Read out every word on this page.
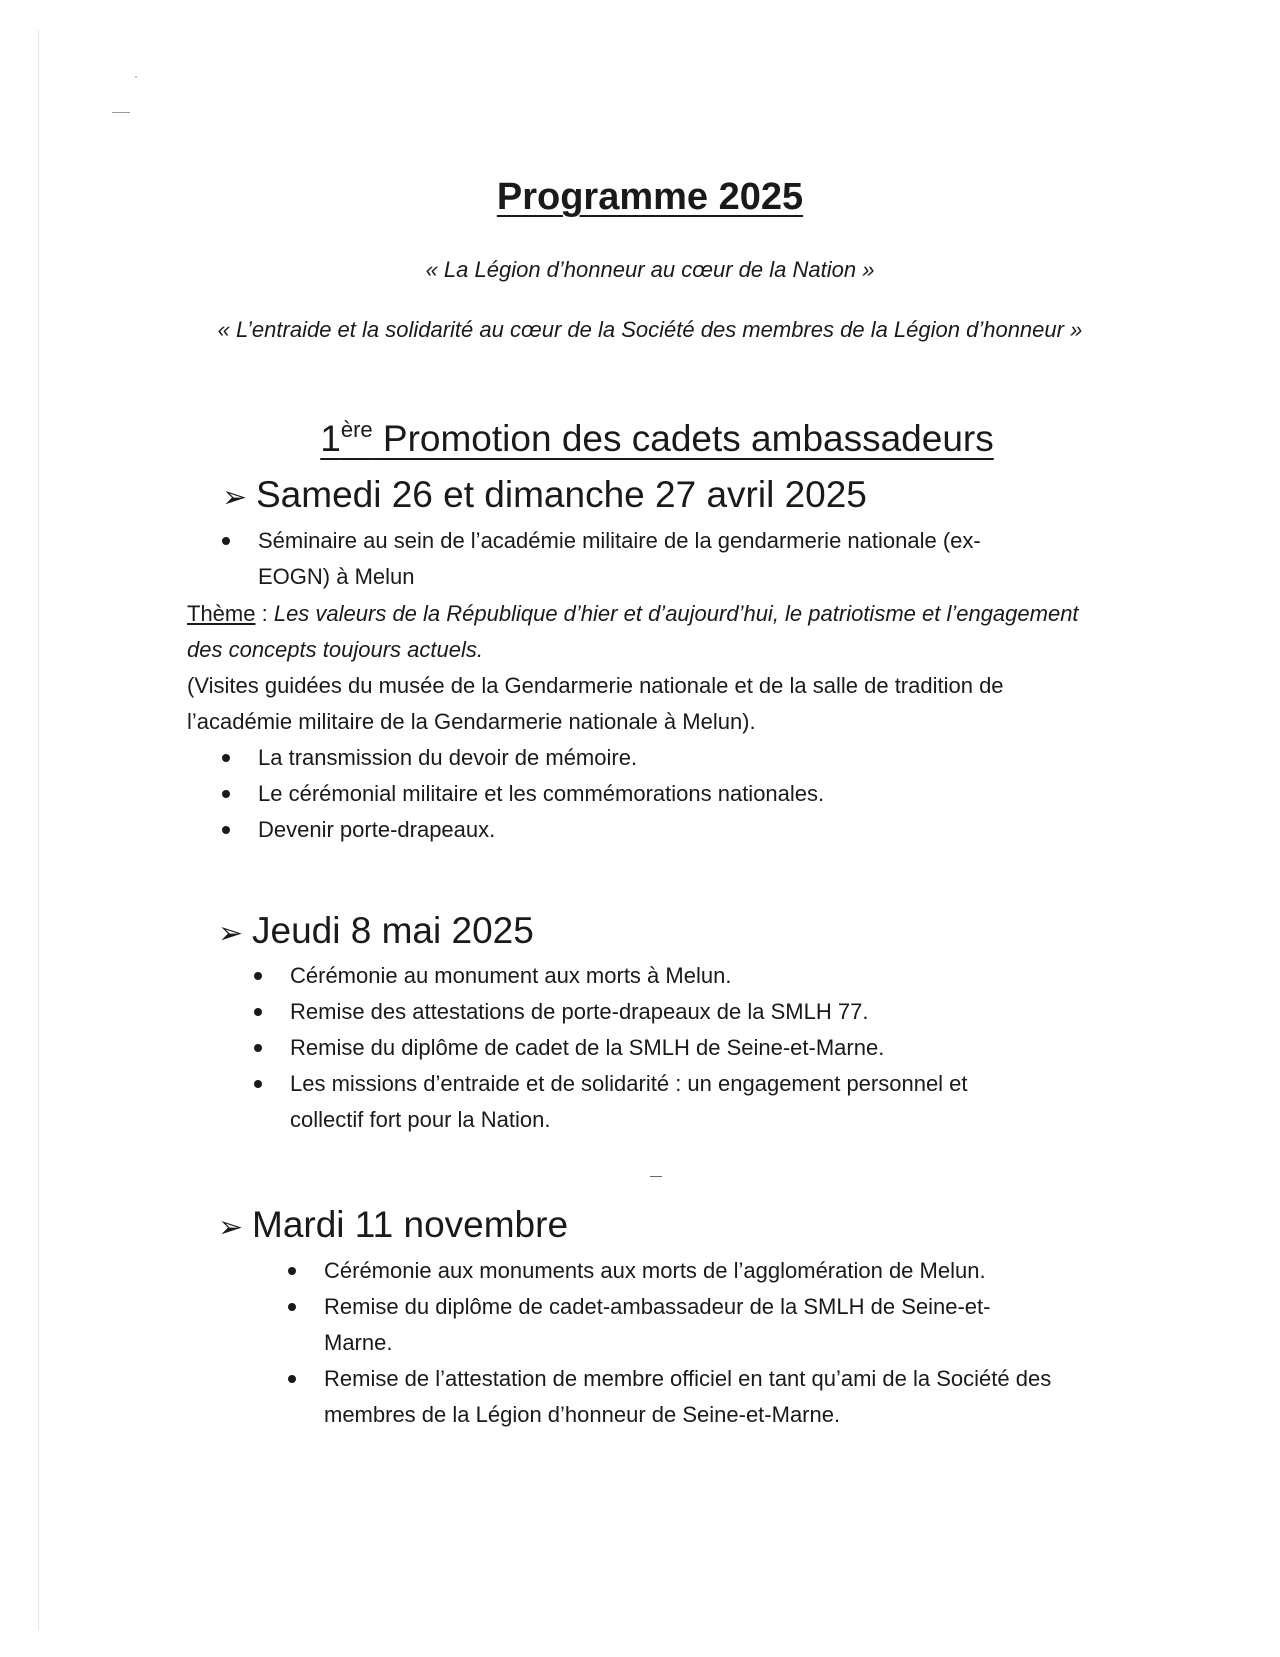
·
Programme 2025
« La Légion d’honneur au cœur de la Nation »
« L’entraide et la solidarité au cœur de la Société des membres de la Légion d’honneur »
1ère Promotion des cadets ambassadeurs
➢ Samedi 26 et dimanche 27 avril 2025
Séminaire au sein de l’académie militaire de la gendarmerie nationale (ex-EOGN) à Melun
Thème : Les valeurs de la République d’hier et d’aujourd’hui, le patriotisme et l’engagement des concepts toujours actuels.
(Visites guidées du musée de la Gendarmerie nationale et de la salle de tradition de l’académie militaire de la Gendarmerie nationale à Melun).
La transmission du devoir de mémoire.
Le cérémonial militaire et les commémorations nationales.
Devenir porte-drapeaux.
➢ Jeudi 8 mai 2025
Cérémonie au monument aux morts à Melun.
Remise des attestations de porte-drapeaux de la SMLH 77.
Remise du diplôme de cadet de la SMLH de Seine-et-Marne.
Les missions d’entraide et de solidarité : un engagement personnel et collectif fort pour la Nation.
➢ Mardi 11 novembre
Cérémonie aux monuments aux morts de l’agglomération de Melun.
Remise du diplôme de cadet-ambassadeur de la SMLH de Seine-et-Marne.
Remise de l’attestation de membre officiel en tant qu’ami de la Société des membres de la Légion d’honneur de Seine-et-Marne.
